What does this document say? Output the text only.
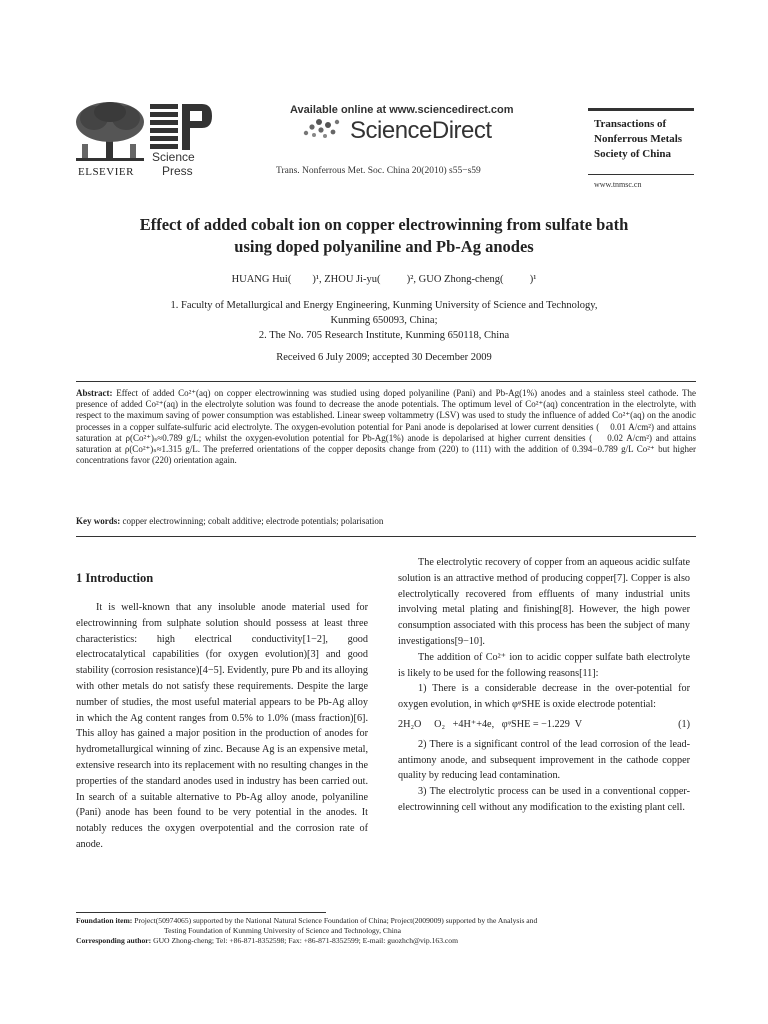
ELSEVIER
Science
Press
Available online at www.sciencedirect.com
ScienceDirect
Trans. Nonferrous Met. Soc. China 20(2010) s55−s59
Transactions of
Nonferrous Metals
Society of China
www.tnmsc.cn
Effect of added cobalt ion on copper electrowinning from sulfate bath
using doped polyaniline and Pb-Ag anodes
HUANG Hui(        )¹, ZHOU Ji-yu(          )², GUO Zhong-cheng(          )¹
1. Faculty of Metallurgical and Energy Engineering, Kunming University of Science and Technology,
Kunming 650093, China;
2. The No. 705 Research Institute, Kunming 650118, China
Received 6 July 2009; accepted 30 December 2009
Abstract: Effect of added Co²⁺(aq) on copper electrowinning was studied using doped polyaniline (Pani) and Pb-Ag(1%) anodes and a stainless steel cathode. The presence of added Co²⁺(aq) in the electrolyte solution was found to decrease the anode potentials. The optimum level of Co²⁺(aq) concentration in the electrolyte, with respect to the maximum saving of power consumption was established. Linear sweep voltammetry (LSV) was used to study the influence of added Co²⁺(aq) on the anodic processes in a copper sulfate-sulfuric acid electrolyte. The oxygen-evolution potential for Pani anode is depolarised at lower current densities (    0.01 A/cm²) and attains saturation at ρ(Co²⁺)ₛ≈0.789 g/L; whilst the oxygen-evolution potential for Pb-Ag(1%) anode is depolarised at higher current densities (    0.02 A/cm²) and attains saturation at ρ(Co²⁺)ₛ≈1.315 g/L. The preferred orientations of the copper deposits change from (220) to (111) with the addition of 0.394−0.789 g/L Co²⁺ but higher concentrations favor (220) orientation again.
Key words: copper electrowinning; cobalt additive; electrode potentials; polarisation
1 Introduction

It is well-known that any insoluble anode material used for electrowinning from sulphate solution should possess at least three characteristics: high electrical conductivity[1−2], good electrocatalytical capabilities (for oxygen evolution)[3] and good stability (corrosion resistance)[4−5]. Evidently, pure Pb and its alloying with other metals do not satisfy these requirements. Despite the large number of studies, the most useful material appears to be Pb-Ag alloy in which the Ag content ranges from 0.5% to 1.0% (mass fraction)[6]. This alloy has gained a major position in the production of anodes for hydrometallurgical winning of zinc. Because Ag is an expensive metal, extensive research into its replacement with no resulting changes in the properties of the standard anodes used in industry has been carried out. In search of a suitable alternative to Pb-Ag alloy anode, polyaniline (Pani) anode has been found to be very potential in the anodes. It notably reduces the oxygen overpotential and the corrosion rate of anode.

The electrolytic recovery of copper from an aqueous acidic sulfate solution is an attractive method of producing copper[7]. Copper is also electrolytically recovered from effluents of many industrial units involving metal plating and finishing[8]. However, the high power consumption associated with this process has been the subject of many investigations[9−10].

The addition of Co²⁺ ion to acidic copper sulfate bath electrolyte is likely to be used for the following reasons[11]:

1) There is a considerable decrease in the over-potential for oxygen evolution, in which φᵠSHE is oxide electrode potential:

2H₂O     O₂   +4H⁺+4e,   φᵠSHE = −1.229  V	(1)

2) There is a significant control of the lead corrosion of the lead-antimony anode, and subsequent improvement in the cathode copper quality by reducing lead contamination.

3) The electrolytic process can be used in a conventional copper-electrowinning cell without any modification to the existing plant cell.

Foundation item: Project(50974065) supported by the National Natural Science Foundation of China; Project(2009009) supported by the Analysis and
Testing Foundation of Kunming University of Science and Technology, China
Corresponding author: GUO Zhong-cheng; Tel: +86-871-8352598; Fax: +86-871-8352599; E-mail: guozhch@vip.163.com
